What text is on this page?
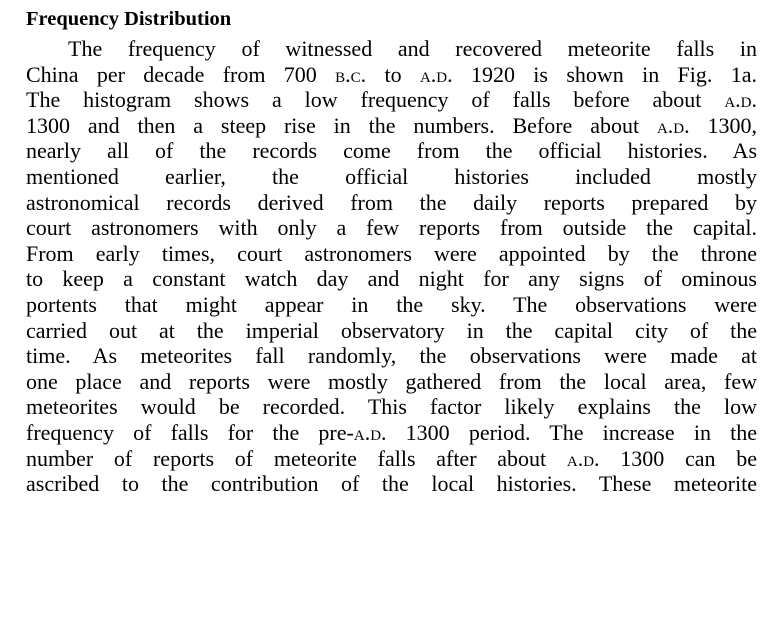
Frequency Distribution
The frequency of witnessed and recovered meteorite falls in
China per decade from 700 b.c. to a.d. 1920 is shown in Fig. 1a.
The histogram shows a low frequency of falls before about a.d.
1300 and then a steep rise in the numbers. Before about a.d. 1300,
nearly all of the records come from the official histories. As
mentioned earlier, the official histories included mostly
astronomical records derived from the daily reports prepared by
court astronomers with only a few reports from outside the capital.
From early times, court astronomers were appointed by the throne
to keep a constant watch day and night for any signs of ominous
portents that might appear in the sky. The observations were
carried out at the imperial observatory in the capital city of the
time. As meteorites fall randomly, the observations were made at
one place and reports were mostly gathered from the local area, few
meteorites would be recorded. This factor likely explains the low
frequency of falls for the pre-a.d. 1300 period. The increase in the
number of reports of meteorite falls after about a.d. 1300 can be
ascribed to the contribution of the local histories. These meteorite
